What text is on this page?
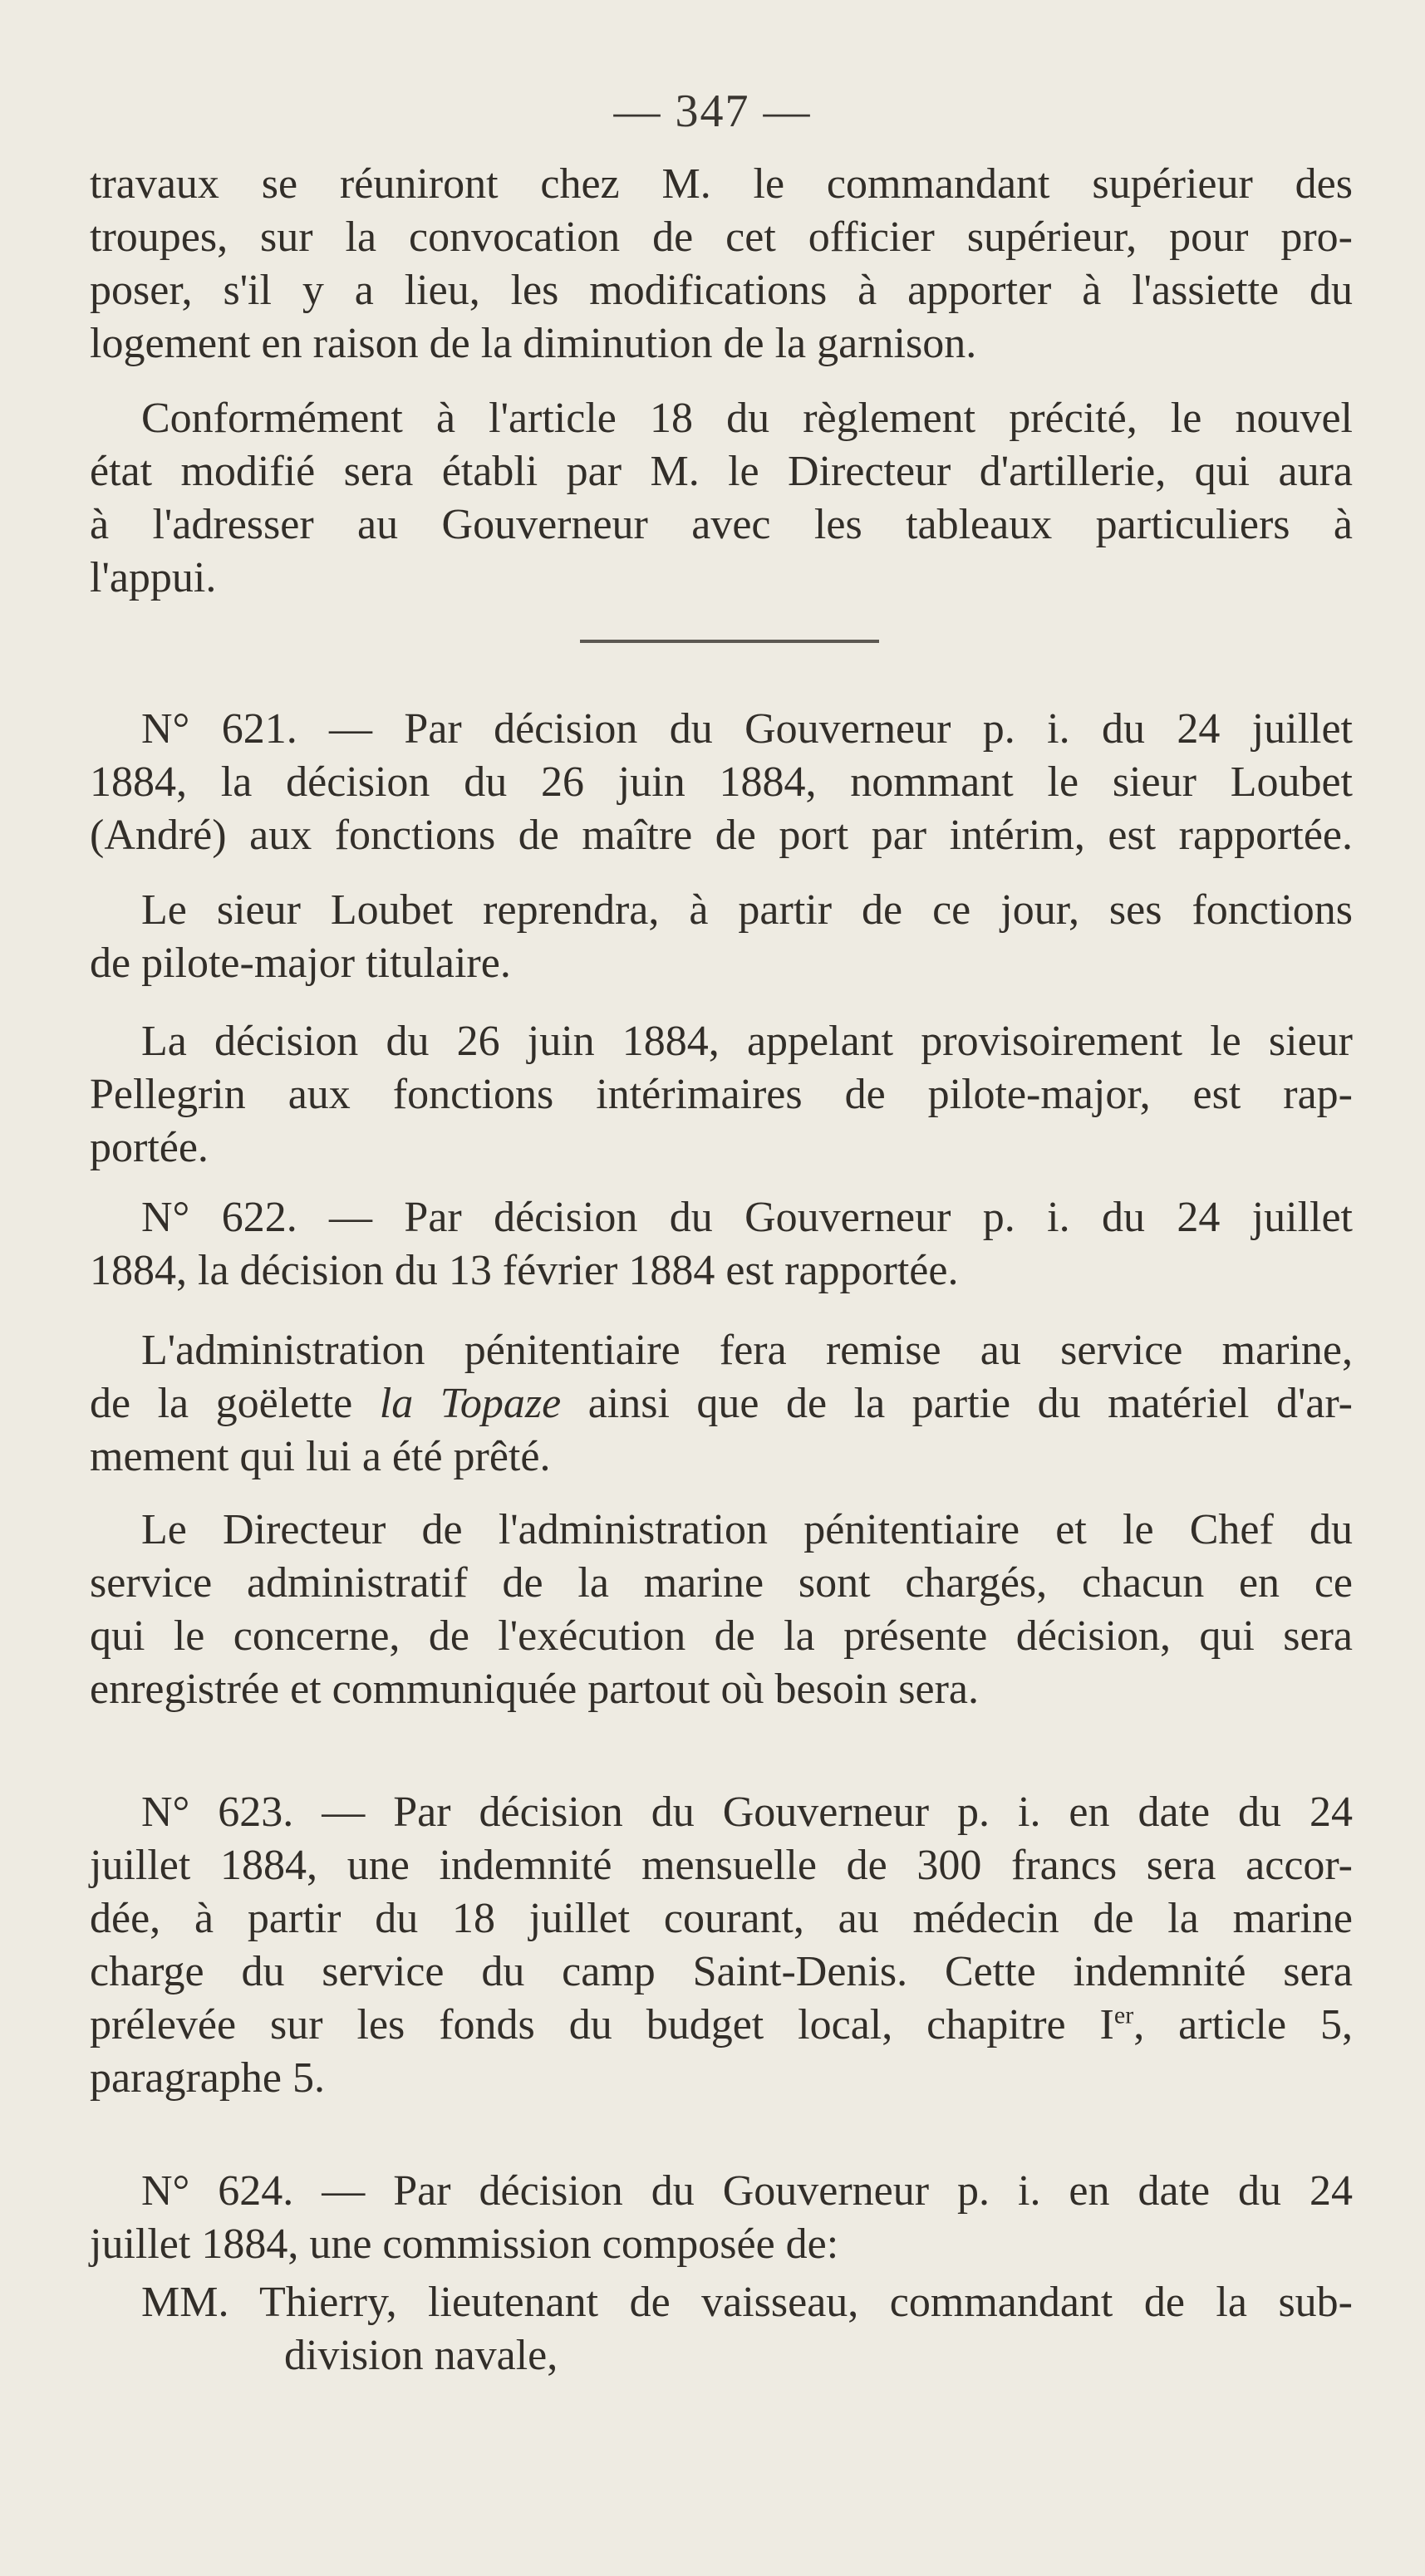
— 347 —
travaux se réuniront chez M. le commandant supérieur des
troupes, sur la convocation de cet officier supérieur, pour pro-
poser, s'il y a lieu, les modifications à apporter à l'assiette du
logement en raison de la diminution de la garnison.
Conformément à l'article 18 du règlement précité, le nouvel
état modifié sera établi par M. le Directeur d'artillerie, qui aura
à l'adresser au Gouverneur avec les tableaux particuliers à
l'appui.
N° 621. — Par décision du Gouverneur p. i. du 24 juillet
1884, la décision du 26 juin 1884, nommant le sieur Loubet
(André) aux fonctions de maître de port par intérim, est rapportée.
Le sieur Loubet reprendra, à partir de ce jour, ses fonctions
de pilote-major titulaire.
La décision du 26 juin 1884, appelant provisoirement le sieur
Pellegrin aux fonctions intérimaires de pilote-major, est rap-
portée.
N° 622. — Par décision du Gouverneur p. i. du 24 juillet
1884, la décision du 13 février 1884 est rapportée.
L'administration pénitentiaire fera remise au service marine,
de la goëlette la Topaze ainsi que de la partie du matériel d'ar-
mement qui lui a été prêté.
Le Directeur de l'administration pénitentiaire et le Chef du
service administratif de la marine sont chargés, chacun en ce
qui le concerne, de l'exécution de la présente décision, qui sera
enregistrée et communiquée partout où besoin sera.
N° 623. — Par décision du Gouverneur p. i. en date du 24
juillet 1884, une indemnité mensuelle de 300 francs sera accor-
dée, à partir du 18 juillet courant, au médecin de la marine
charge du service du camp Saint-Denis. Cette indemnité sera
prélevée sur les fonds du budget local, chapitre Ier, article 5,
paragraphe 5.
N° 624. — Par décision du Gouverneur p. i. en date du 24
juillet 1884, une commission composée de:
MM. Thierry, lieutenant de vaisseau, commandant de la sub-
division navale,
